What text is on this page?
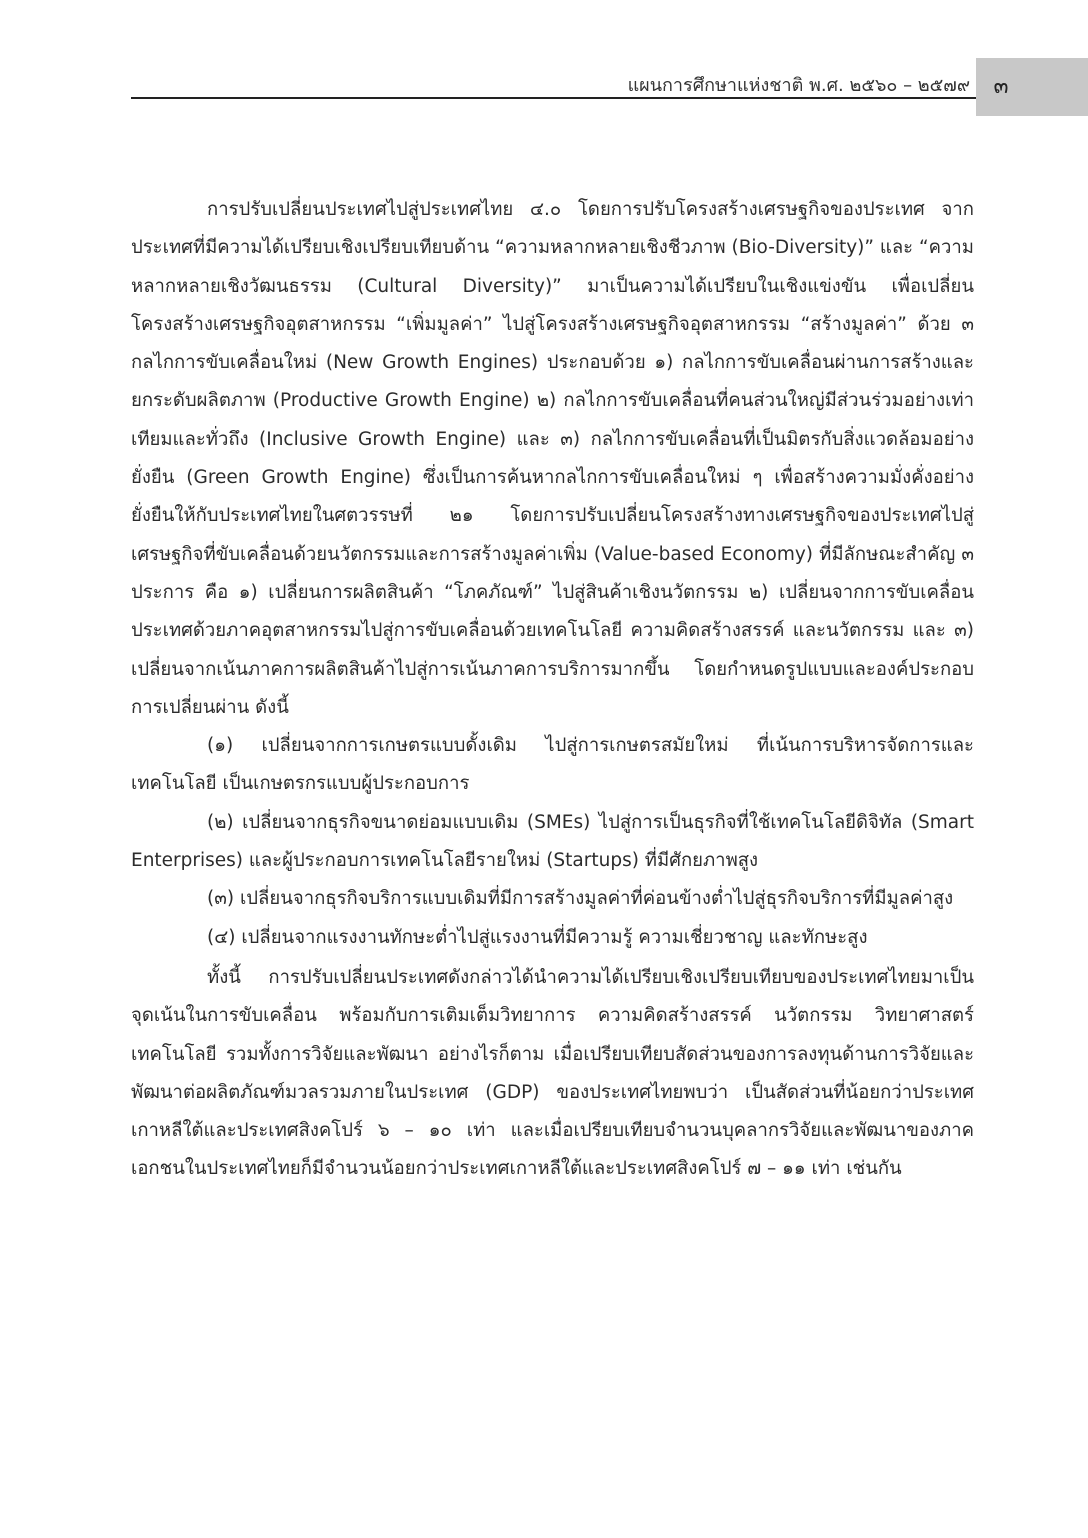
แผนการศึกษาแห่งชาติ พ.ศ. ๒๕๖๐ – ๒๕๗๙	๓

การปรับเปลี่ยนประเทศไปสู่ประเทศไทย ๔.๐ โดยการปรับโครงสร้างเศรษฐกิจของประเทศ จากประเทศที่มีความได้เปรียบเชิงเปรียบเทียบด้าน “ความหลากหลายเชิงชีวภาพ (Bio-Diversity)” และ “ความหลากหลายเชิงวัฒนธรรม (Cultural Diversity)” มาเป็นความได้เปรียบในเชิงแข่งขัน เพื่อเปลี่ยนโครงสร้างเศรษฐกิจอุตสาหกรรม “เพิ่มมูลค่า” ไปสู่โครงสร้างเศรษฐกิจอุตสาหกรรม “สร้างมูลค่า” ด้วย ๓ กลไกการขับเคลื่อนใหม่ (New Growth Engines) ประกอบด้วย ๑) กลไกการขับเคลื่อนผ่านการสร้างและยกระดับผลิตภาพ (Productive Growth Engine) ๒) กลไกการขับเคลื่อนที่คนส่วนใหญ่มีส่วนร่วมอย่างเท่าเทียมและทั่วถึง (Inclusive Growth Engine) และ ๓) กลไกการขับเคลื่อนที่เป็นมิตรกับสิ่งแวดล้อมอย่างยั่งยืน (Green Growth Engine) ซึ่งเป็นการค้นหากลไกการขับเคลื่อนใหม่ ๆ เพื่อสร้างความมั่งคั่งอย่างยั่งยืนให้กับประเทศไทยในศตวรรษที่ ๒๑ โดยการปรับเปลี่ยนโครงสร้างทางเศรษฐกิจของประเทศไปสู่เศรษฐกิจที่ขับเคลื่อนด้วยนวัตกรรมและการสร้างมูลค่าเพิ่ม (Value-based Economy) ที่มีลักษณะสำคัญ ๓ ประการ คือ ๑) เปลี่ยนการผลิตสินค้า “โภคภัณฑ์” ไปสู่สินค้าเชิงนวัตกรรม ๒) เปลี่ยนจากการขับเคลื่อนประเทศด้วยภาคอุตสาหกรรมไปสู่การขับเคลื่อนด้วยเทคโนโลยี ความคิดสร้างสรรค์ และนวัตกรรม และ ๓) เปลี่ยนจากเน้นภาคการผลิตสินค้าไปสู่การเน้นภาคการบริการมากขึ้น โดยกำหนดรูปแบบและองค์ประกอบการเปลี่ยนผ่าน ดังนี้

(๑) เปลี่ยนจากการเกษตรแบบดั้งเดิม ไปสู่การเกษตรสมัยใหม่ ที่เน้นการบริหารจัดการและเทคโนโลยี เป็นเกษตรกรแบบผู้ประกอบการ

(๒) เปลี่ยนจากธุรกิจขนาดย่อมแบบเดิม (SMEs) ไปสู่การเป็นธุรกิจที่ใช้เทคโนโลยีดิจิทัล (Smart Enterprises) และผู้ประกอบการเทคโนโลยีรายใหม่ (Startups) ที่มีศักยภาพสูง

(๓) เปลี่ยนจากธุรกิจบริการแบบเดิมที่มีการสร้างมูลค่าที่ค่อนข้างต่ำไปสู่ธุรกิจบริการที่มีมูลค่าสูง

(๔) เปลี่ยนจากแรงงานทักษะต่ำไปสู่แรงงานที่มีความรู้ ความเชี่ยวชาญ และทักษะสูง

ทั้งนี้ การปรับเปลี่ยนประเทศดังกล่าวได้นำความได้เปรียบเชิงเปรียบเทียบของประเทศไทยมาเป็นจุดเน้นในการขับเคลื่อน พร้อมกับการเติมเต็มวิทยาการ ความคิดสร้างสรรค์ นวัตกรรม วิทยาศาสตร์ เทคโนโลยี รวมทั้งการวิจัยและพัฒนา อย่างไรก็ตาม เมื่อเปรียบเทียบสัดส่วนของการลงทุนด้านการวิจัยและพัฒนาต่อผลิตภัณฑ์มวลรวมภายในประเทศ (GDP) ของประเทศไทยพบว่า เป็นสัดส่วนที่น้อยกว่าประเทศเกาหลีใต้และประเทศสิงคโปร์ ๖ – ๑๐ เท่า และเมื่อเปรียบเทียบจำนวนบุคลากรวิจัยและพัฒนาของภาคเอกชนในประเทศไทยก็มีจำนวนน้อยกว่าประเทศเกาหลีใต้และประเทศสิงคโปร์ ๗ – ๑๑ เท่า เช่นกัน
